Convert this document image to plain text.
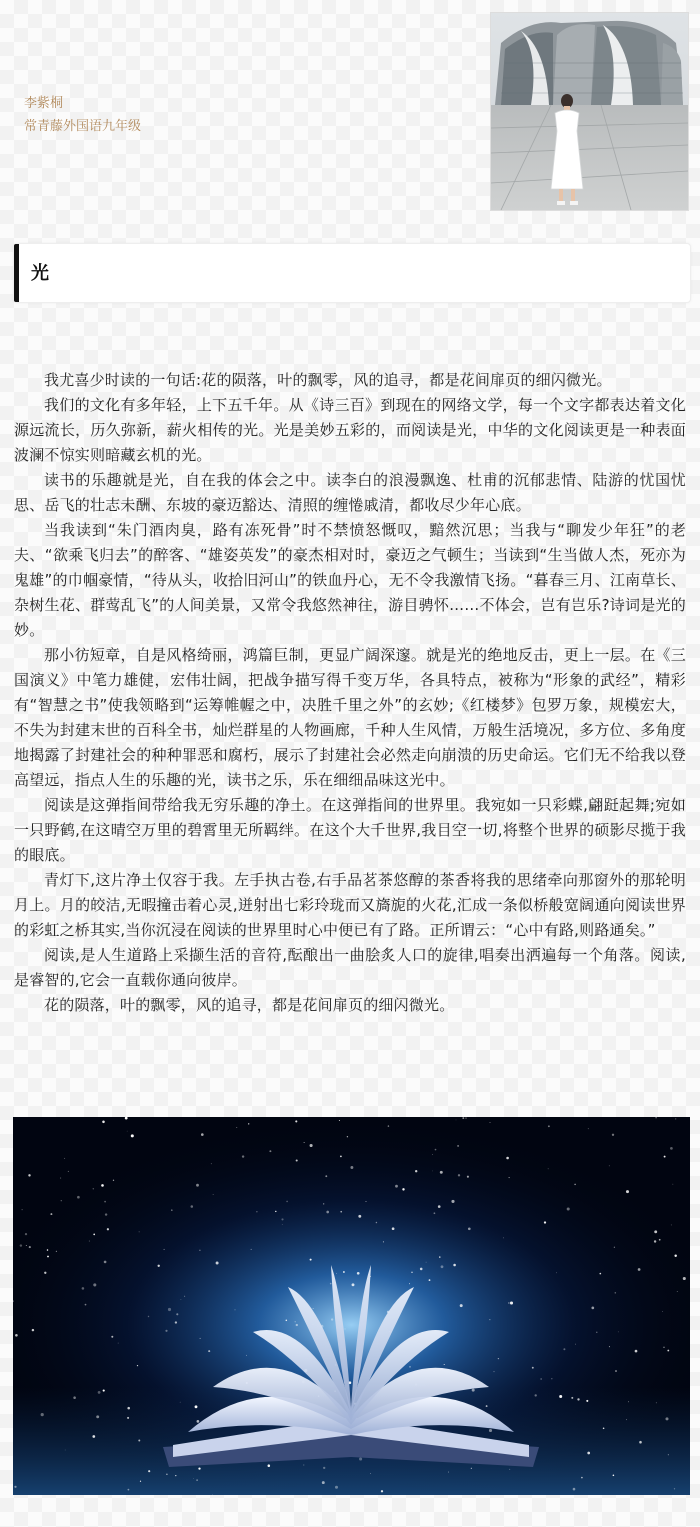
李紫桐
常青藤外国语九年级
光

我尤喜少时读的一句话:花的陨落，叶的飘零，风的追寻，都是花间扉页的细闪微光。

我们的文化有多年轻，上下五千年。从《诗三百》到现在的网络文学，每一个文字都表达着文化源远流长，历久弥新，薪火相传的光。光是美妙五彩的，而阅读是光，中华的文化阅读更是一种表面波澜不惊实则暗藏玄机的光。

读书的乐趣就是光，自在我的体会之中。读李白的浪漫飘逸、杜甫的沉郁悲情、陆游的忧国忧思、岳飞的壮志未酬、东坡的豪迈豁达、清照的缠惓戚清，都收尽少年心底。

当我读到“朱门酒肉臭，路有冻死骨”时不禁愤怒慨叹，黯然沉思；当我与“聊发少年狂”的老夫、“欲乘飞归去”的醉客、“雄姿英发”的豪杰相对时，豪迈之气顿生；当读到“生当做人杰，死亦为鬼雄”的巾帼豪情，“待从头，收拾旧河山”的铁血丹心，无不令我激情飞扬。“暮春三月、江南草长、杂树生花、群莺乱飞”的人间美景，又常令我悠然神往，游目骋怀……不体会，岂有岂乐?诗词是光的妙。

那小彷短章，自是风格绮丽，鸿篇巨制，更显广阔深邃。就是光的绝地反击，更上一层。在《三国演义》中笔力雄健，宏伟壮阔，把战争描写得千变万华，各具特点，被称为“形象的武经”，精彩有“智慧之书”使我领略到“运筹帷幄之中，决胜千里之外”的玄妙;《红楼梦》包罗万象，规模宏大，不失为封建末世的百科全书，灿烂群星的人物画廊，千种人生风情，万般生活境况，多方位、多角度地揭露了封建社会的种种罪恶和腐朽，展示了封建社会必然走向崩溃的历史命运。它们无不给我以登高望远，指点人生的乐趣的光，读书之乐，乐在细细品味这光中。

阅读是这弹指间带给我无穷乐趣的净土。在这弹指间的世界里。我宛如一只彩蝶,翩跹起舞;宛如一只野鹤,在这晴空万里的碧霄里无所羁绊。在这个大千世界,我目空一切,将整个世界的硕影尽揽于我的眼底。

青灯下,这片净土仅容于我。左手执古卷,右手品茗茶悠醇的茶香将我的思绪牵向那窗外的那轮明月上。月的皎洁,无暇撞击着心灵,迸射出七彩玲珑而又旖旎的火花,汇成一条似桥般宽阔通向阅读世界的彩虹之桥其实,当你沉浸在阅读的世界里时心中便已有了路。正所谓云：“心中有路,则路通矣。”

阅读,是人生道路上采撷生活的音符,酝酿出一曲脍炙人口的旋律,唱奏出洒遍每一个角落。阅读,是睿智的,它会一直载你通向彼岸。

花的陨落，叶的飘零，风的追寻，都是花间扉页的细闪微光。
